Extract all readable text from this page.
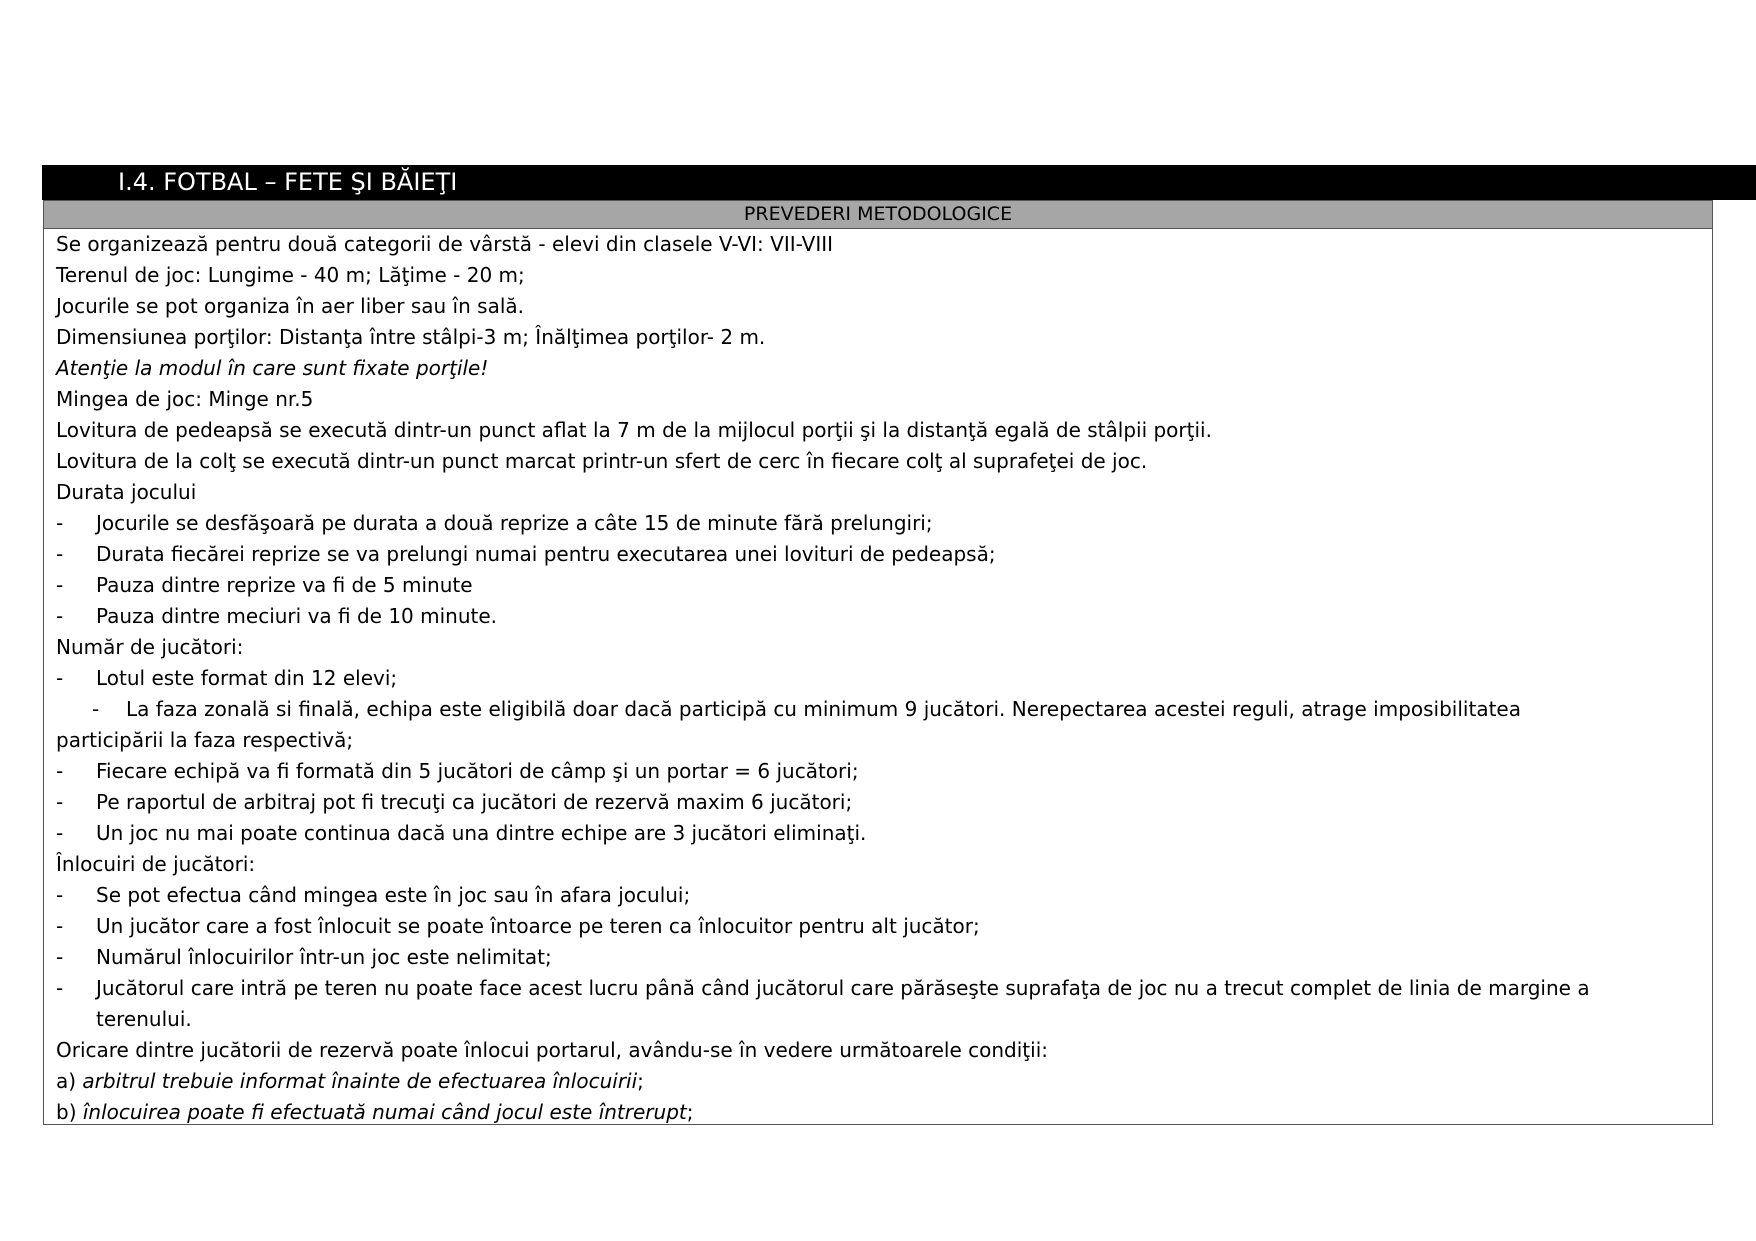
I.4. FOTBAL – FETE ŞI BĂIEŢI
PREVEDERI METODOLOGICE
Se organizează pentru două categorii de vârstă - elevi din clasele V-VI: VII-VIII
Terenul de joc: Lungime - 40 m; Lăţime - 20 m;
Jocurile se pot organiza în aer liber sau în sală.
Dimensiunea porţilor: Distanţa între stâlpi-3 m; Înălţimea porţilor- 2 m.
Atenţie la modul în care sunt fixate porţile!
Mingea de joc: Minge nr.5
Lovitura de pedeapsă se execută dintr-un punct aflat la 7 m de la mijlocul porţii şi la distanţă egală de stâlpii porţii.
Lovitura de la colţ se execută dintr-un punct marcat printr-un sfert de cerc în fiecare colţ al suprafeţei de joc.
Durata jocului
- Jocurile se desfăşoară pe durata a două reprize a câte 15 de minute fără prelungiri;
- Durata fiecărei reprize se va prelungi numai pentru executarea unei lovituri de pedeapsă;
- Pauza dintre reprize va fi de 5 minute
- Pauza dintre meciuri va fi de 10 minute.
Număr de jucători:
- Lotul este format din 12 elevi;
- La faza zonală si finală, echipa este eligibilă doar dacă participă cu minimum 9 jucători. Nerepectarea acestei reguli, atrage imposibilitatea
participării la faza respectivă;
- Fiecare echipă va fi formată din 5 jucători de câmp şi un portar = 6 jucători;
- Pe raportul de arbitraj pot fi trecuţi ca jucători de rezervă maxim 6 jucători;
- Un joc nu mai poate continua dacă una dintre echipe are 3 jucători eliminaţi.
Înlocuiri de jucători:
- Se pot efectua când mingea este în joc sau în afara jocului;
- Un jucător care a fost înlocuit se poate întoarce pe teren ca înlocuitor pentru alt jucător;
- Numărul înlocuirilor într-un joc este nelimitat;
- Jucătorul care intră pe teren nu poate face acest lucru până când jucătorul care părăseşte suprafaţa de joc nu a trecut complet de linia de margine a
terenului.
Oricare dintre jucătorii de rezervă poate înlocui portarul, avându-se în vedere următoarele condiţii:
a) arbitrul trebuie informat înainte de efectuarea înlocuirii;
b) înlocuirea poate fi efectuată numai când jocul este întrerupt;
